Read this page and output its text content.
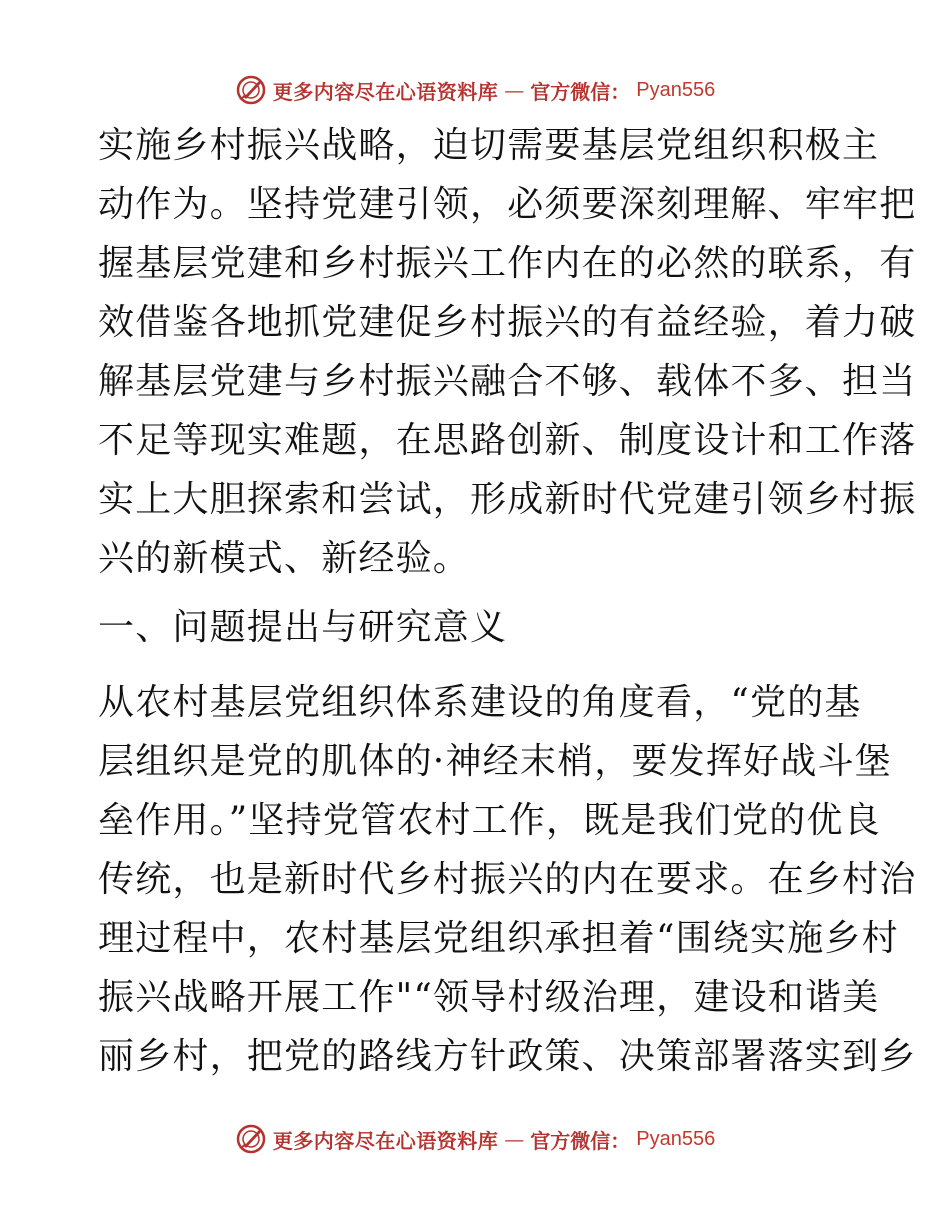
更多内容尽在心语资料库 — 官方微信： Pyan556
实施乡村振兴战略，迫切需要基层党组织积极主
动作为。坚持党建引领，必须要深刻理解、牢牢把
握基层党建和乡村振兴工作内在的必然的联系，有
效借鉴各地抓党建促乡村振兴的有益经验，着力破
解基层党建与乡村振兴融合不够、载体不多、担当
不足等现实难题，在思路创新、制度设计和工作落
实上大胆探索和尝试，形成新时代党建引领乡村振
兴的新模式、新经验。
一、问题提出与研究意义
从农村基层党组织体系建设的角度看，“党的基
层组织是党的肌体的·神经末梢，要发挥好战斗堡
垒作用。”坚持党管农村工作，既是我们党的优良
传统，也是新时代乡村振兴的内在要求。在乡村治
理过程中，农村基层党组织承担着“围绕实施乡村
振兴战略开展工作"“领导村级治理，建设和谐美
丽乡村，把党的路线方针政策、决策部署落实到乡
更多内容尽在心语资料库 — 官方微信： Pyan556
